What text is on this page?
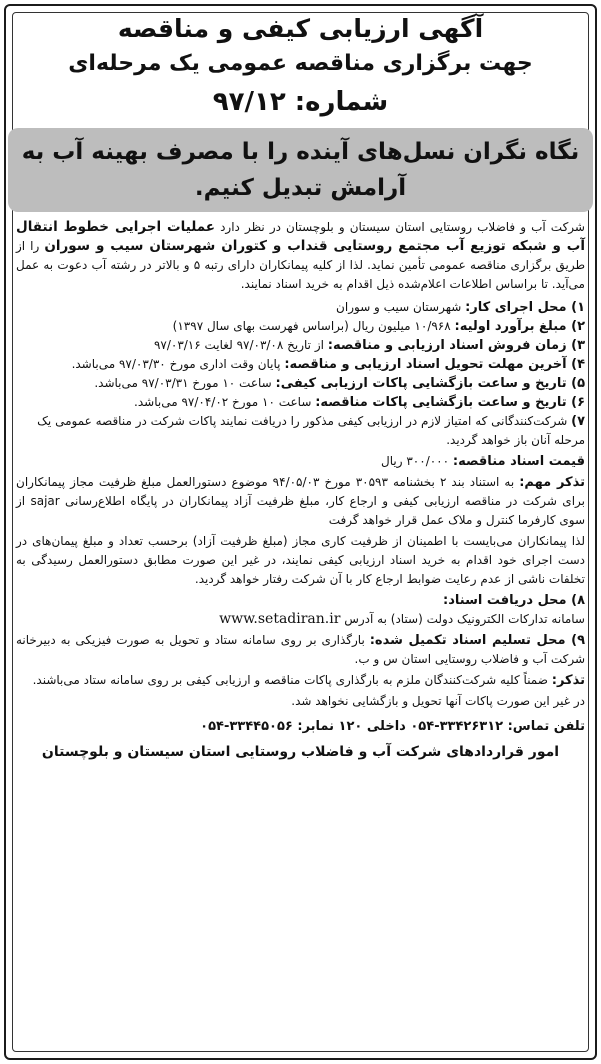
آگهی ارزیابی کیفی و مناقصه
جهت برگزاری مناقصه عمومی یک مرحله‌ای
شماره: ۹۷/۱۲
نگاه نگران نسل‌های آینده را با مصرف بهینه آب به آرامش تبدیل کنیم.
شرکت آب و فاضلاب روستایی استان سیستان و بلوچستان در نظر دارد عملیات اجرایی خطوط انتقال آب و شبکه توزیع آب مجتمع روستایی قنداب و کتوران شهرستان سیب و سوران را از طریق برگزاری مناقصه عمومی تأمین نماید. لذا از کلیه پیمانکاران دارای رتبه ۵ و بالاتر در رشته آب دعوت به عمل می‌آید. تا براساس اطلاعات اعلام‌شده ذیل اقدام به خرید اسناد نمایند.
۱) محل اجرای کار: شهرستان سیب و سوران
۲) مبلغ برآورد اولیه: ۱۰/۹۶۸ میلیون ریال (براساس فهرست بهای سال ۱۳۹۷)
۳) زمان فروش اسناد ارزیابی و مناقصه: از تاریخ ۹۷/۰۳/۰۸ لغایت ۹۷/۰۳/۱۶
۴) آخرین مهلت تحویل اسناد ارزیابی و مناقصه: پایان وقت اداری مورخ ۹۷/۰۳/۳۰ می‌باشد.
۵) تاریخ و ساعت بازگشایی پاکات ارزیابی کیفی: ساعت ۱۰ مورخ ۹۷/۰۳/۳۱ می‌باشد.
۶) تاریخ و ساعت بازگشایی پاکات مناقصه: ساعت ۱۰ مورخ ۹۷/۰۴/۰۲ می‌باشد.
۷) شرکت‌کنندگانی که امتیاز لازم در ارزیابی کیفی مذکور را دریافت نمایند پاکات شرکت در مناقصه عمومی یک مرحله آنان باز خواهد گردید.
قیمت اسناد مناقصه: ۳۰۰/۰۰۰ ریال
تذکر مهم: به استناد بند ۲ بخشنامه ۳۰۵۹۳ مورخ ۹۴/۰۵/۰۳ موضوع دستورالعمل مبلغ ظرفیت مجاز پیمانکاران برای شرکت در مناقصه ارزیابی کیفی و ارجاع کار، مبلغ ظرفیت آزاد پیمانکاران در پایگاه اطلاع‌رسانی sajar از سوی کارفرما کنترل و ملاک عمل قرار خواهد گرفت
لذا پیمانکاران می‌بایست با اطمینان از ظرفیت کاری مجاز (مبلغ ظرفیت آزاد) برحسب تعداد و مبلغ پیمان‌های در دست اجرای خود اقدام به خرید اسناد ارزیابی کیفی نمایند، در غیر این صورت مطابق دستورالعمل رسیدگی به تخلفات ناشی از عدم رعایت ضوابط ارجاع کار با آن شرکت رفتار خواهد گردید.
۸) محل دریافت اسناد:
سامانه تدارکات الکترونیک دولت (ستاد) به آدرس www.setadiran.ir
۹) محل تسلیم اسناد تکمیل شده: بارگذاری بر روی سامانه ستاد و تحویل به صورت فیزیکی به دبیرخانه شرکت آب و فاضلاب روستایی استان س و ب.
تذکر: ضمناً کلیه شرکت‌کنندگان ملزم به بارگذاری پاکات مناقصه و ارزیابی کیفی بر روی سامانه ستاد می‌باشند.
در غیر این صورت پاکات آنها تحویل و بازگشایی نخواهد شد.
تلفن تماس: ۳۳۴۲۶۳۱۲-۰۵۴ داخلی ۱۲۰ نمابر: ۳۳۴۴۵۰۵۶-۰۵۴
امور قراردادهای شرکت آب و فاضلاب روستایی استان سیستان و بلوچستان
